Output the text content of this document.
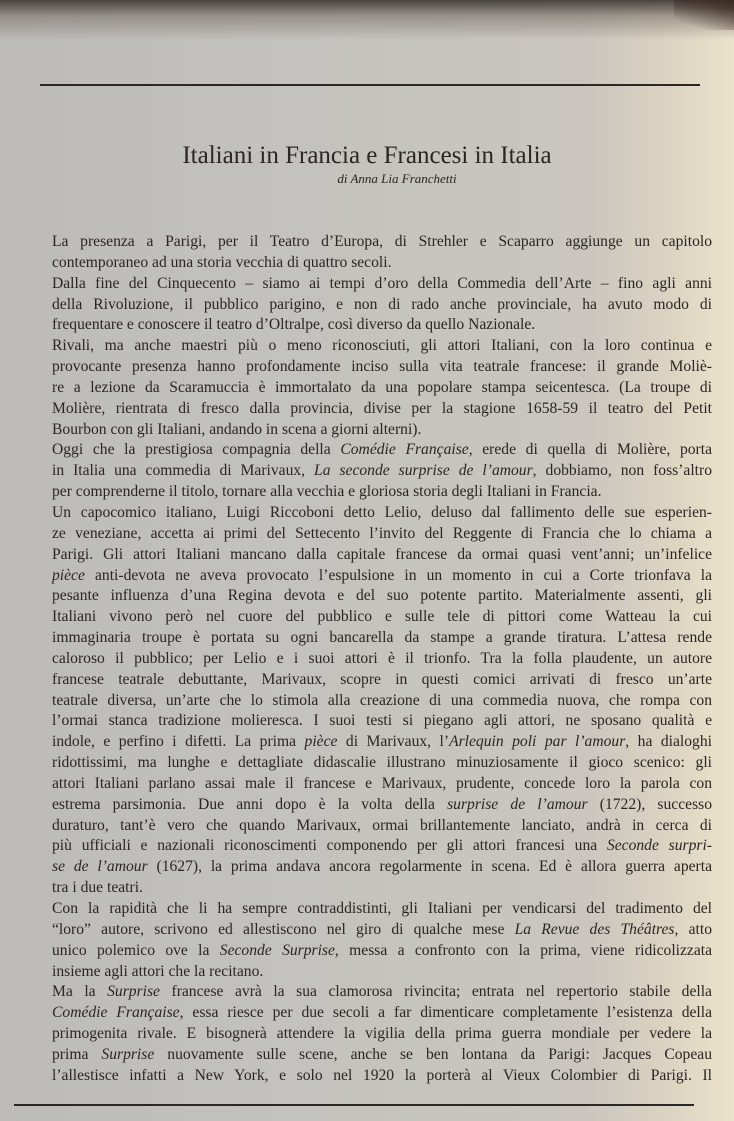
Italiani in Francia e Francesi in Italia
di Anna Lia Franchetti
La presenza a Parigi, per il Teatro d’Europa, di Strehler e Scaparro aggiunge un capitolo
contemporaneo ad una storia vecchia di quattro secoli.
Dalla fine del Cinquecento – siamo ai tempi d’oro della Commedia dell’Arte – fino agli anni
della Rivoluzione, il pubblico parigino, e non di rado anche provinciale, ha avuto modo di
frequentare e conoscere il teatro d’Oltralpe, così diverso da quello Nazionale.
Rivali, ma anche maestri più o meno riconosciuti, gli attori Italiani, con la loro continua e
provocante presenza hanno profondamente inciso sulla vita teatrale francese: il grande Moliè-
re a lezione da Scaramuccia è immortalato da una popolare stampa seicentesca. (La troupe di
Molière, rientrata di fresco dalla provincia, divise per la stagione 1658-59 il teatro del Petit
Bourbon con gli Italiani, andando in scena a giorni alterni).
Oggi che la prestigiosa compagnia della Comédie Française, erede di quella di Molière, porta
in Italia una commedia di Marivaux, La seconde surprise de l’amour, dobbiamo, non foss’altro
per comprenderne il titolo, tornare alla vecchia e gloriosa storia degli Italiani in Francia.
Un capocomico italiano, Luigi Riccoboni detto Lelio, deluso dal fallimento delle sue esperien-
ze veneziane, accetta ai primi del Settecento l’invito del Reggente di Francia che lo chiama a
Parigi. Gli attori Italiani mancano dalla capitale francese da ormai quasi vent’anni; un’infelice
pièce anti-devota ne aveva provocato l’espulsione in un momento in cui a Corte trionfava la
pesante influenza d’una Regina devota e del suo potente partito. Materialmente assenti, gli
Italiani vivono però nel cuore del pubblico e sulle tele di pittori come Watteau la cui
immaginaria troupe è portata su ogni bancarella da stampe a grande tiratura. L’attesa rende
caloroso il pubblico; per Lelio e i suoi attori è il trionfo. Tra la folla plaudente, un autore
francese teatrale debuttante, Marivaux, scopre in questi comici arrivati di fresco un’arte
teatrale diversa, un’arte che lo stimola alla creazione di una commedia nuova, che rompa con
l’ormai stanca tradizione molieresca. I suoi testi si piegano agli attori, ne sposano qualità e
indole, e perfino i difetti. La prima pièce di Marivaux, l’Arlequin poli par l’amour, ha dialoghi
ridottissimi, ma lunghe e dettagliate didascalie illustrano minuziosamente il gioco scenico: gli
attori Italiani parlano assai male il francese e Marivaux, prudente, concede loro la parola con
estrema parsimonia. Due anni dopo è la volta della surprise de l’amour (1722), successo
duraturo, tant’è vero che quando Marivaux, ormai brillantemente lanciato, andrà in cerca di
più ufficiali e nazionali riconoscimenti componendo per gli attori francesi una Seconde surpri-
se de l’amour (1627), la prima andava ancora regolarmente in scena. Ed è allora guerra aperta
tra i due teatri.
Con la rapidità che li ha sempre contraddistinti, gli Italiani per vendicarsi del tradimento del
“loro” autore, scrivono ed allestiscono nel giro di qualche mese La Revue des Théâtres, atto
unico polemico ove la Seconde Surprise, messa a confronto con la prima, viene ridicolizzata
insieme agli attori che la recitano.
Ma la Surprise francese avrà la sua clamorosa rivincita; entrata nel repertorio stabile della
Comédie Française, essa riesce per due secoli a far dimenticare completamente l’esistenza della
primogenita rivale. E bisognerà attendere la vigilia della prima guerra mondiale per vedere la
prima Surprise nuovamente sulle scene, anche se ben lontana da Parigi: Jacques Copeau
l’allestisce infatti a New York, e solo nel 1920 la porterà al Vieux Colombier di Parigi. Il
